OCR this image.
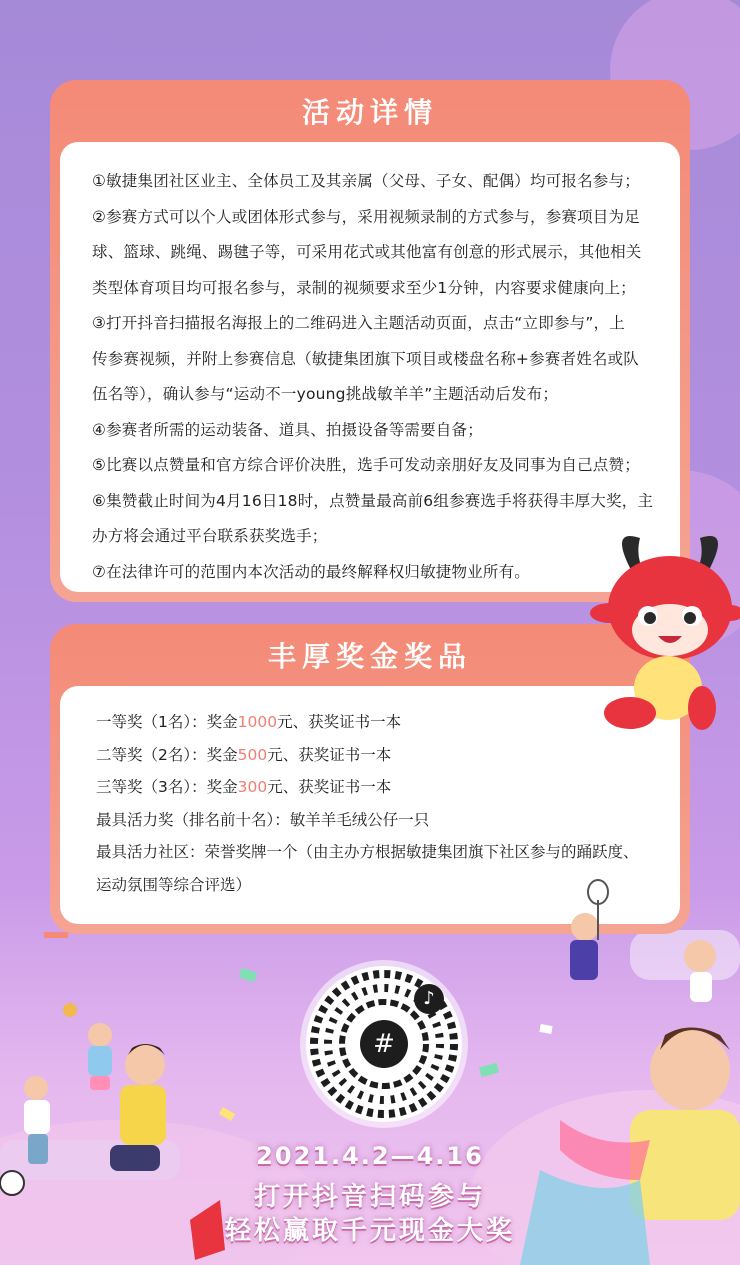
活动详情
①敏捷集团社区业主、全体员工及其亲属（父母、子女、配偶）均可报名参与；
②参赛方式可以个人或团体形式参与，采用视频录制的方式参与，参赛项目为足
球、篮球、跳绳、踢毽子等，可采用花式或其他富有创意的形式展示，其他相关
类型体育项目均可报名参与，录制的视频要求至少1分钟，内容要求健康向上；
③打开抖音扫描报名海报上的二维码进入主题活动页面，点击“立即参与”，上
传参赛视频，并附上参赛信息（敏捷集团旗下项目或楼盘名称+参赛者姓名或队
伍名等），确认参与“运动不一young挑战敏羊羊”主题活动后发布；
④参赛者所需的运动装备、道具、拍摄设备等需要自备；
⑤比赛以点赞量和官方综合评价决胜，选手可发动亲朋好友及同事为自己点赞；
⑥集赞截止时间为4月16日18时，点赞量最高前6组参赛选手将获得丰厚大奖，主
办方将会通过平台联系获奖选手；
⑦在法律许可的范围内本次活动的最终解释权归敏捷物业所有。
丰厚奖金奖品
一等奖（1名）：奖金1000元、获奖证书一本
二等奖（2名）：奖金500元、获奖证书一本
三等奖（3名）：奖金300元、获奖证书一本
最具活力奖（排名前十名）：敏羊羊毛绒公仔一只
最具活力社区：荣誉奖牌一个（由主办方根据敏捷集团旗下社区参与的踊跃度、
运动氛围等综合评选）
#
♪
2021.4.2—4.16
打开抖音扫码参与
轻松赢取千元现金大奖
